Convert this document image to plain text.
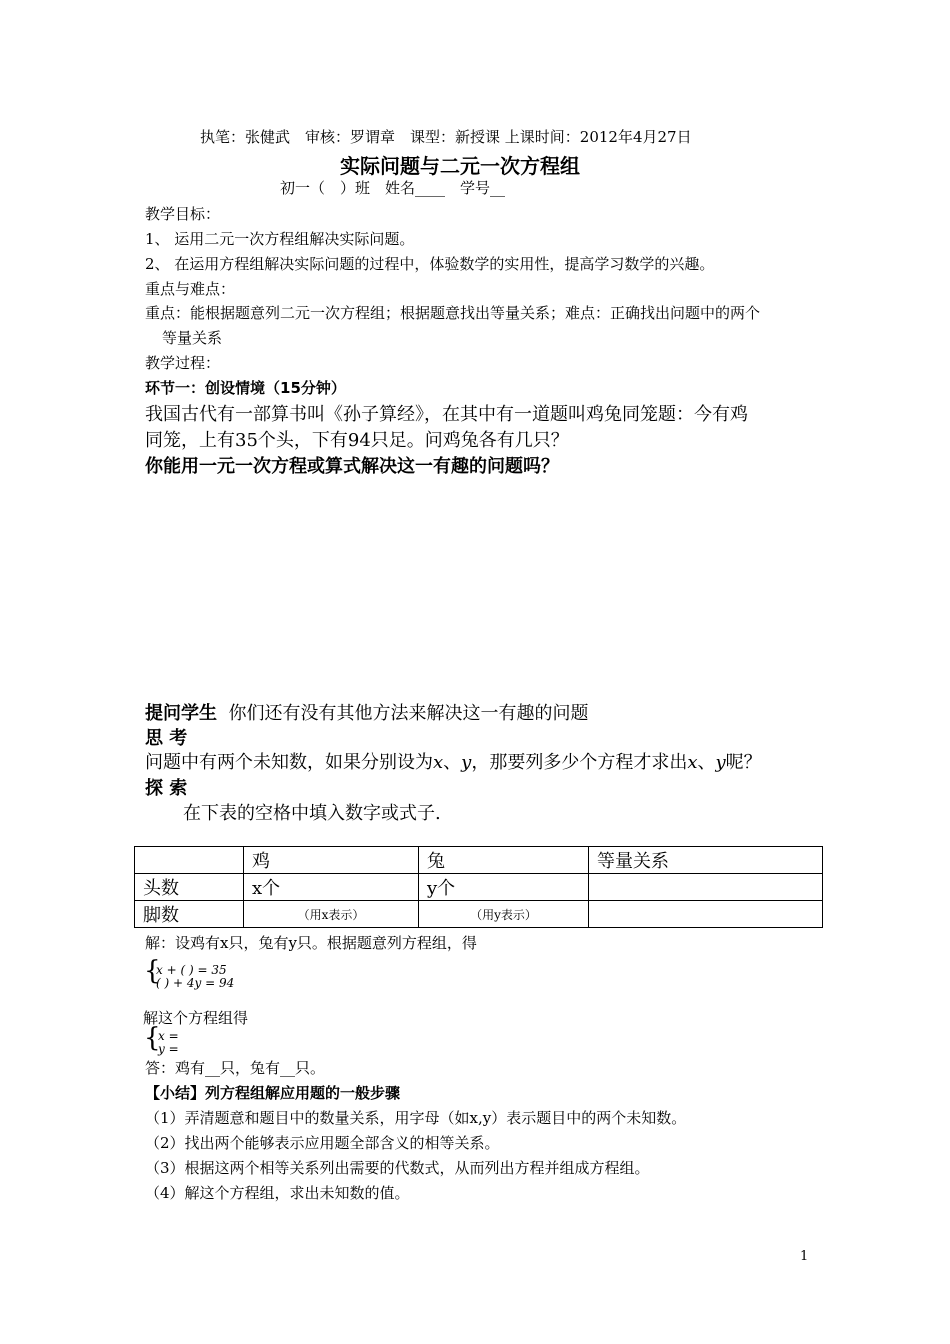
执笔：张健武　审核：罗谓章　课型：新授课 上课时间：2012年4月27日
实际问题与二元一次方程组
初一（　）班　姓名____　学号__
教学目标：
1、 运用二元一次方程组解决实际问题。
2、 在运用方程组解决实际问题的过程中，体验数学的实用性，提高学习数学的兴趣。
重点与难点：
重点：能根据题意列二元一次方程组；根据题意找出等量关系；难点：正确找出问题中的两个
等量关系
教学过程：
环节一：创设情境（15分钟）
我国古代有一部算书叫《孙子算经》，在其中有一道题叫鸡兔同笼题：今有鸡
同笼，上有35个头，下有94只足。问鸡兔各有几只？
你能用一元一次方程或算式解决这一有趣的问题吗？
提问学生 你们还有没有其他方法来解决这一有趣的问题
思 考
问题中有两个未知数，如果分别设为x、y，那要列多少个方程才求出x、y呢？
探 索
在下表的空格中填入数字或式子.
	鸡	兔	等量关系
头数	x个	y个	
脚数	（用x表示）	（用y表示）	
解：设鸡有x只，兔有y只。根据题意列方程组，得
{
x + ( ) = 35
( ) + 4y = 94
解这个方程组得
{
x =
y =
答：鸡有__只，兔有__只。
【小结】列方程组解应用题的一般步骤
（1）弄清题意和题目中的数量关系，用字母（如x,y）表示题目中的两个未知数。
（2）找出两个能够表示应用题全部含义的相等关系。
（3）根据这两个相等关系列出需要的代数式，从而列出方程并组成方程组。
（4）解这个方程组，求出未知数的值。
1
